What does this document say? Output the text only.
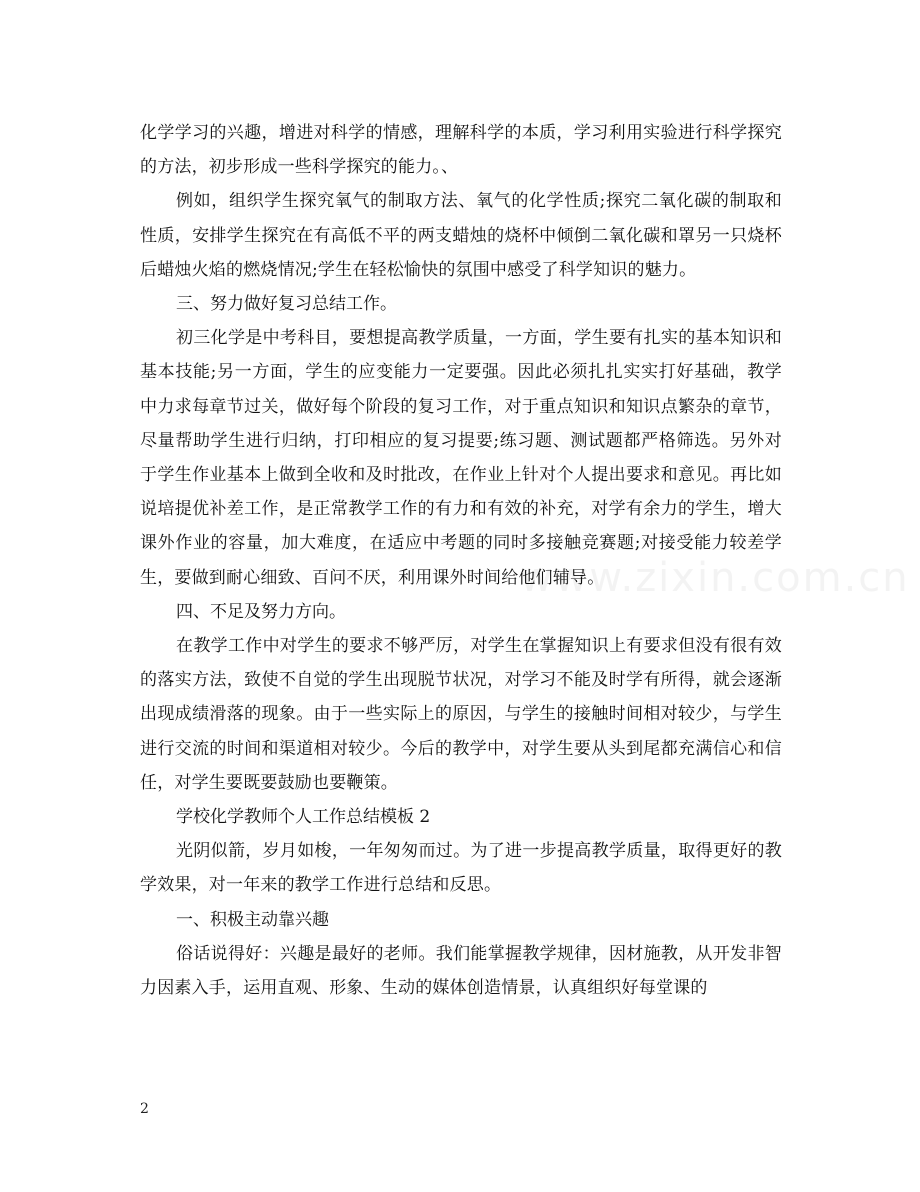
www.zixin.com.cn

化学学习的兴趣，增进对科学的情感，理解科学的本质，学习利用实验进行科学探究的方法，初步形成一些科学探究的能力。、

例如，组织学生探究氧气的制取方法、氧气的化学性质;探究二氧化碳的制取和性质，安排学生探究在有高低不平的两支蜡烛的烧杯中倾倒二氧化碳和罩另一只烧杯后蜡烛火焰的燃烧情况;学生在轻松愉快的氛围中感受了科学知识的魅力。

三、努力做好复习总结工作。

初三化学是中考科目，要想提高教学质量，一方面，学生要有扎实的基本知识和基本技能;另一方面，学生的应变能力一定要强。因此必须扎扎实实打好基础，教学中力求每章节过关，做好每个阶段的复习工作，对于重点知识和知识点繁杂的章节，尽量帮助学生进行归纳，打印相应的复习提要;练习题、测试题都严格筛选。另外对于学生作业基本上做到全收和及时批改，在作业上针对个人提出要求和意见。再比如说培提优补差工作，是正常教学工作的有力和有效的补充，对学有余力的学生，增大课外作业的容量，加大难度，在适应中考题的同时多接触竞赛题;对接受能力较差学生，要做到耐心细致、百问不厌，利用课外时间给他们辅导。

四、不足及努力方向。

在教学工作中对学生的要求不够严厉，对学生在掌握知识上有要求但没有很有效的落实方法，致使不自觉的学生出现脱节状况，对学习不能及时学有所得，就会逐渐出现成绩滑落的现象。由于一些实际上的原因，与学生的接触时间相对较少，与学生进行交流的时间和渠道相对较少。今后的教学中，对学生要从头到尾都充满信心和信任，对学生要既要鼓励也要鞭策。

学校化学教师个人工作总结模板 2

光阴似箭，岁月如梭，一年匆匆而过。为了进一步提高教学质量，取得更好的教学效果，对一年来的教学工作进行总结和反思。

一、积极主动靠兴趣

俗话说得好：兴趣是最好的老师。我们能掌握教学规律，因材施教，从开发非智力因素入手，运用直观、形象、生动的媒体创造情景，认真组织好每堂课的

2
